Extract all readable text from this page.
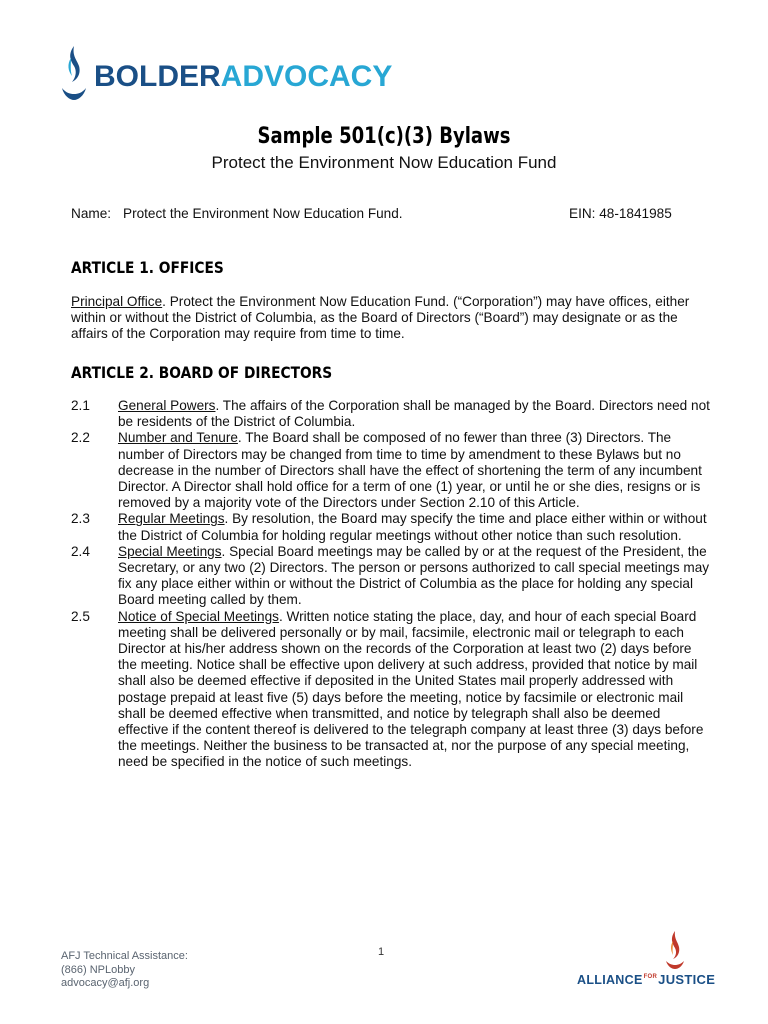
BOLDERADVOCACY
Sample 501(c)(3) Bylaws
Protect the Environment Now Education Fund
Name: Protect the Environment Now Education Fund.	EIN: 48-1841985
ARTICLE 1. OFFICES
Principal Office. Protect the Environment Now Education Fund. (“Corporation”) may have offices, either within or without the District of Columbia, as the Board of Directors (“Board”) may designate or as the affairs of the Corporation may require from time to time.
ARTICLE 2. BOARD OF DIRECTORS
2.1	General Powers. The affairs of the Corporation shall be managed by the Board. Directors need not be residents of the District of Columbia.
2.2	Number and Tenure. The Board shall be composed of no fewer than three (3) Directors. The number of Directors may be changed from time to time by amendment to these Bylaws but no decrease in the number of Directors shall have the effect of shortening the term of any incumbent Director. A Director shall hold office for a term of one (1) year, or until he or she dies, resigns or is removed by a majority vote of the Directors under Section 2.10 of this Article.
2.3	Regular Meetings. By resolution, the Board may specify the time and place either within or without the District of Columbia for holding regular meetings without other notice than such resolution.
2.4	Special Meetings. Special Board meetings may be called by or at the request of the President, the Secretary, or any two (2) Directors. The person or persons authorized to call special meetings may fix any place either within or without the District of Columbia as the place for holding any special Board meeting called by them.
2.5	Notice of Special Meetings. Written notice stating the place, day, and hour of each special Board meeting shall be delivered personally or by mail, facsimile, electronic mail or telegraph to each Director at his/her address shown on the records of the Corporation at least two (2) days before the meeting. Notice shall be effective upon delivery at such address, provided that notice by mail shall also be deemed effective if deposited in the United States mail properly addressed with postage prepaid at least five (5) days before the meeting, notice by facsimile or electronic mail shall be deemed effective when transmitted, and notice by telegraph shall also be deemed effective if the content thereof is delivered to the telegraph company at least three (3) days before the meetings. Neither the business to be transacted at, nor the purpose of any special meeting, need be specified in the notice of such meetings.
AFJ Technical Assistance:
(866) NPLobby
advocacy@afj.org
1
$ALLIANCE^{FOR}JUSTICE$
